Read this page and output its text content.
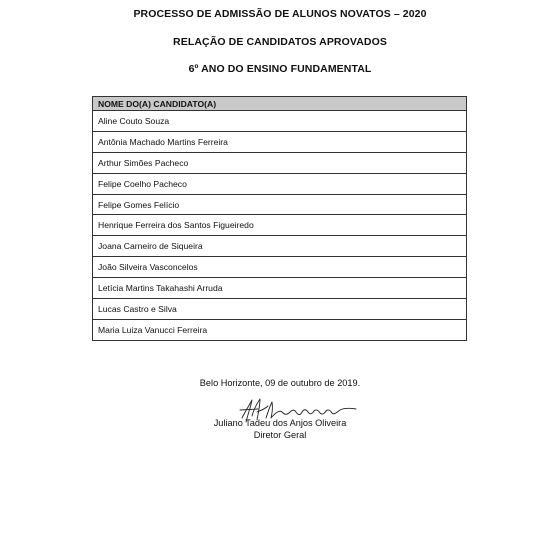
PROCESSO DE ADMISSÃO DE ALUNOS NOVATOS – 2020
RELAÇÃO DE CANDIDATOS APROVADOS
6º ANO DO ENSINO FUNDAMENTAL
NOME DO(A) CANDIDATO(A)
Aline Couto Souza
Antônia Machado Martins Ferreira
Arthur Simões Pacheco
Felipe Coelho Pacheco
Felipe Gomes Felício
Henrique Ferreira dos Santos Figueiredo
Joana Carneiro de Siqueira
João Silveira Vasconcelos
Letícia Martins Takahashi Arruda
Lucas Castro e Silva
Maria Luiza Vanucci Ferreira
Belo Horizonte, 09 de outubro de 2019.
Juliano Tadeu dos Anjos Oliveira
Diretor Geral
